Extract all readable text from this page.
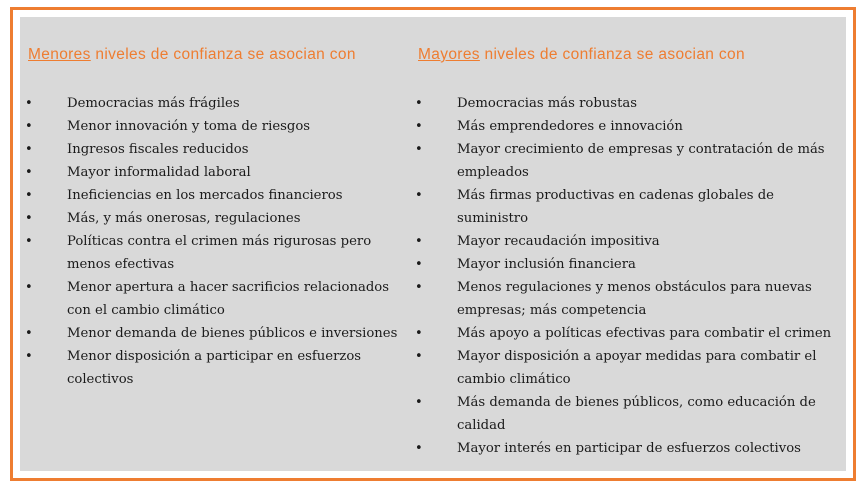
Menores niveles de confianza se asocian con
• Democracias más frágiles
• Menor innovación y toma de riesgos
• Ingresos fiscales reducidos
• Mayor informalidad laboral
• Ineficiencias en los mercados financieros
• Más, y más onerosas, regulaciones
• Políticas contra el crimen más rigurosas pero menos efectivas
• Menor apertura a hacer sacrificios relacionados con el cambio climático
• Menor demanda de bienes públicos e inversiones
• Menor disposición a participar en esfuerzos colectivos
Mayores niveles de confianza se asocian con
• Democracias más robustas
• Más emprendedores e innovación
• Mayor crecimiento de empresas y contratación de más empleados
• Más firmas productivas en cadenas globales de suministro
• Mayor recaudación impositiva
• Mayor inclusión financiera
• Menos regulaciones y menos obstáculos para nuevas empresas; más competencia
• Más apoyo a políticas efectivas para combatir el crimen
• Mayor disposición a apoyar medidas para combatir el cambio climático
• Más demanda de bienes públicos, como educación de calidad
• Mayor interés en participar de esfuerzos colectivos
